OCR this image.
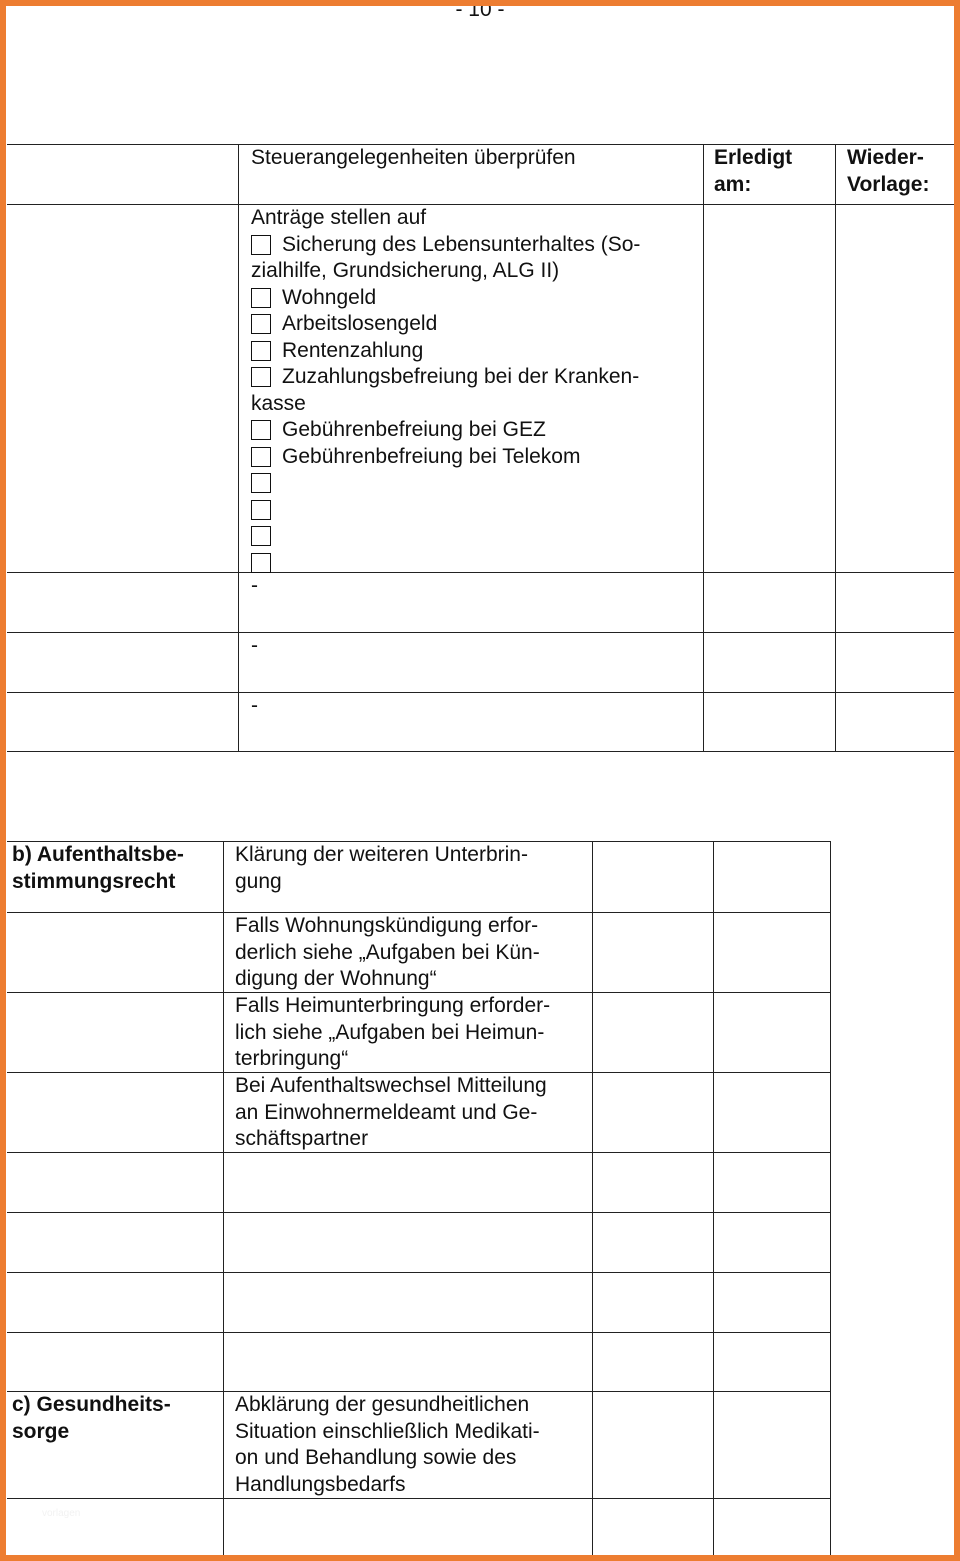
- 10 -
Steuerangelegenheiten überprüfen	Erledigt
am:
Wieder-
Vorlage:
Anträge stellen auf
Sicherung des Lebensunterhaltes (So-
zialhilfe, Grundsicherung, ALG II)
Wohngeld
Arbeitslosengeld
Rentenzahlung
Zuzahlungsbefreiung bei der Kranken-
kasse
Gebührenbefreiung bei GEZ
Gebührenbefreiung bei Telekom
-
-
-
b) Aufenthaltsbe-
stimmungsrecht
Klärung der weiteren Unterbrin-
gung
Falls Wohnungskündigung erfor-
derlich siehe „Aufgaben bei Kün-
digung der Wohnung“
Falls Heimunterbringung erforder-
lich siehe „Aufgaben bei Heimun-
terbringung“
Bei Aufenthaltswechsel Mitteilung
an Einwohnermeldeamt und Ge-
schäftspartner
c) Gesundheits-
sorge
Abklärung der gesundheitlichen
Situation einschließlich Medikati-
on und Behandlung sowie des
Handlungsbedarfs
vorlagen
